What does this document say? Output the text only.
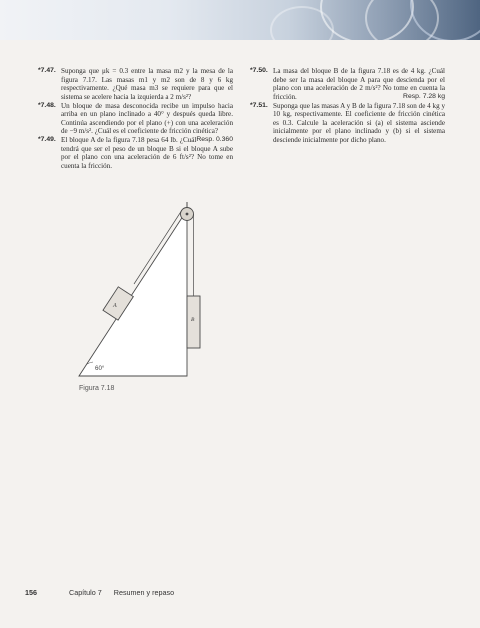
*7.47. Suponga que μk = 0.3 entre la masa m2 y la mesa de la figura 7.17. Las masas m1 y m2 son de 8 y 6 kg respectivamente. ¿Qué masa m3 se requiere para que el sistema se acelere hacia la izquierda a 2 m/s²?
*7.48. Un bloque de masa desconocida recibe un impulso hacia arriba en un plano inclinado a 40° y después queda libre. Continúa ascendiendo por el plano (+) con una aceleración de −9 m/s². ¿Cuál es el coeficiente de fricción cinética?
Resp. 0.360
*7.49. El bloque A de la figura 7.18 pesa 64 lb. ¿Cuál tendrá que ser el peso de un bloque B si el bloque A sube por el plano con una aceleración de 6 ft/s²? No tome en cuenta la fricción.
*7.50. La masa del bloque B de la figura 7.18 es de 4 kg. ¿Cuál debe ser la masa del bloque A para que descienda por el plano con una aceleración de 2 m/s²? No tome en cuenta la fricción.	Resp. 7.28 kg
*7.51. Suponga que las masas A y B de la figura 7.18 son de 4 kg y 10 kg, respectivamente. El coeficiente de fricción cinética es 0.3. Calcule la aceleración si (a) el sistema asciende inicialmente por el plano inclinado y (b) si el sistema desciende inicialmente por dicho plano.
60°
A
B
Figura 7.18
156	Capítulo 7 Resumen y repaso
